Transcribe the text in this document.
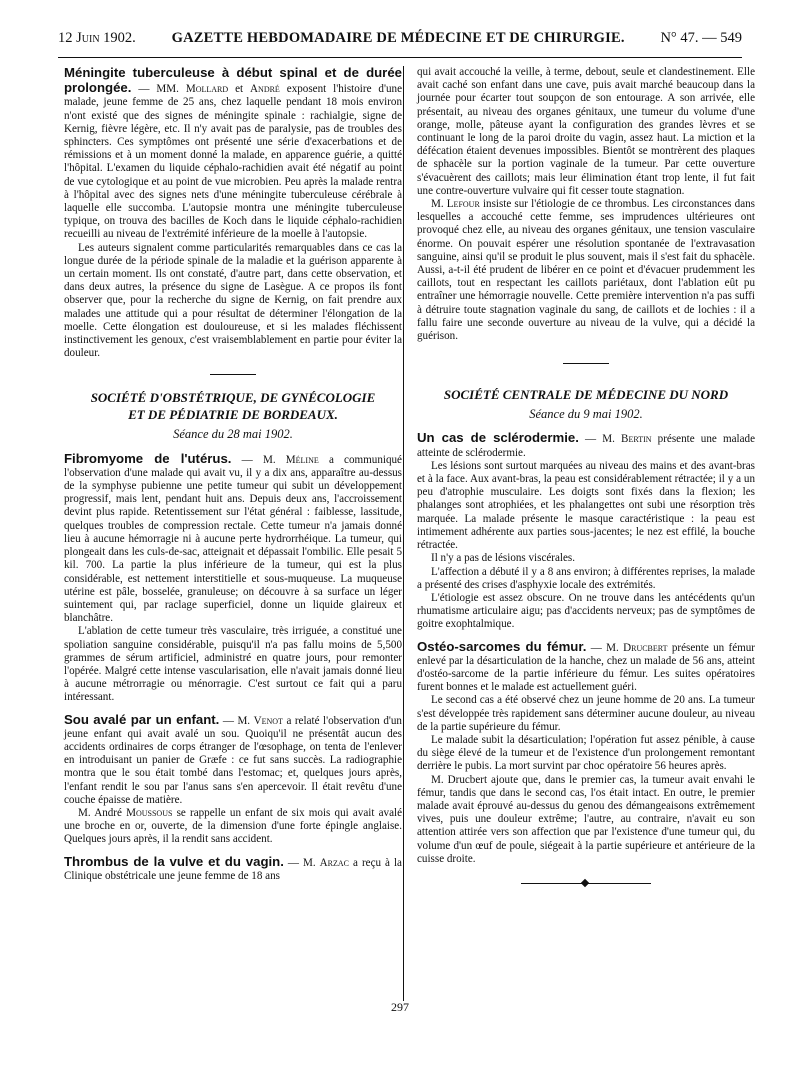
12 Juin 1902. GAZETTE HEBDOMADAIRE DE MÉDECINE ET DE CHIRURGIE. N° 47. — 549

Méningite tuberculeuse à début spinal et de durée prolongée. — MM. Mollard et André exposent l'histoire d'une malade, jeune femme de 25 ans, chez laquelle pendant 18 mois environ n'ont existé que des signes de méningite spinale : rachialgie, signe de Kernig, fièvre légère, etc. Il n'y avait pas de paralysie, pas de troubles des sphincters. Ces symptômes ont présenté une série d'exacerbations et de rémissions et à un moment donné la malade, en apparence guérie, a quitté l'hôpital. L'examen du liquide céphalo-rachidien avait été négatif au point de vue cytologique et au point de vue microbien. Peu après la malade rentra à l'hôpital avec des signes nets d'une méningite tuberculeuse cérébrale à laquelle elle succomba. L'autopsie montra une méningite tuberculeuse typique, on trouva des bacilles de Koch dans le liquide céphalo-rachidien recueilli au niveau de l'extrémité inférieure de la moelle à l'autopsie.

Les auteurs signalent comme particularités remarquables dans ce cas la longue durée de la période spinale de la maladie et la guérison apparente à un certain moment. Ils ont constaté, d'autre part, dans cette observation, et dans deux autres, la présence du signe de Lasègue. A ce propos ils font observer que, pour la recherche du signe de Kernig, on fait prendre aux malades une attitude qui a pour résultat de déterminer l'élongation de la moelle. Cette élongation est douloureuse, et si les malades fléchissent instinctivement les genoux, c'est vraisemblablement en partie pour éviter la douleur.

SOCIÉTÉ D'OBSTÉTRIQUE, DE GYNÉCOLOGIE

ET DE PÉDIATRIE DE BORDEAUX.

Séance du 28 mai 1902.

Fibromyome de l'utérus. — M. Méline a communiqué l'observation d'une malade qui avait vu, il y a dix ans, apparaître au-dessus de la symphyse pubienne une petite tumeur qui subit un développement progressif, mais lent, pendant huit ans. Depuis deux ans, l'accroissement devint plus rapide. Retentissement sur l'état général : faiblesse, lassitude, quelques troubles de compression rectale. Cette tumeur n'a jamais donné lieu à aucune hémorragie ni à aucune perte hydrorrhéique. La tumeur, qui plongeait dans les culs-de-sac, atteignait et dépassait l'ombilic. Elle pesait 5 kil. 700. La partie la plus inférieure de la tumeur, qui est la plus considérable, est nettement interstitielle et sous-muqueuse. La muqueuse utérine est pâle, bosselée, granuleuse; on découvre à sa surface un léger suintement qui, par raclage superficiel, donne un liquide glaireux et blanchâtre.

L'ablation de cette tumeur très vasculaire, très irriguée, a constitué une spoliation sanguine considérable, puisqu'il n'a pas fallu moins de 5,500 grammes de sérum artificiel, administré en quatre jours, pour remonter l'opérée. Malgré cette intense vascularisation, elle n'avait jamais donné lieu à aucune métrorragie ou ménorragie. C'est surtout ce fait qui a paru intéressant.

Sou avalé par un enfant. — M. Venot a relaté l'observation d'un jeune enfant qui avait avalé un sou. Quoiqu'il ne présentât aucun des accidents ordinaires de corps étranger de l'œsophage, on tenta de l'enlever en introduisant un panier de Græfe : ce fut sans succès. La radiographie montra que le sou était tombé dans l'estomac; et, quelques jours après, l'enfant rendit le sou par l'anus sans s'en apercevoir. Il était revêtu d'une couche épaisse de matière.

M. André Moussous se rappelle un enfant de six mois qui avait avalé une broche en or, ouverte, de la dimension d'une forte épingle anglaise. Quelques jours après, il la rendit sans accident.

Thrombus de la vulve et du vagin. — M. Arzac a reçu à la Clinique obstétricale une jeune femme de 18 ans

qui avait accouché la veille, à terme, debout, seule et clandestinement. Elle avait caché son enfant dans une cave, puis avait marché beaucoup dans la journée pour écarter tout soupçon de son entourage. A son arrivée, elle présentait, au niveau des organes génitaux, une tumeur du volume d'une orange, molle, pâteuse ayant la configuration des grandes lèvres et se continuant le long de la paroi droite du vagin, assez haut. La miction et la défécation étaient devenues impossibles. Bientôt se montrèrent des plaques de sphacèle sur la portion vaginale de la tumeur. Par cette ouverture s'évacuèrent des caillots; mais leur élimination étant trop lente, il fut fait une contre-ouverture vulvaire qui fit cesser toute stagnation.

M. Lefour insiste sur l'étiologie de ce thrombus. Les circonstances dans lesquelles a accouché cette femme, ses imprudences ultérieures ont provoqué chez elle, au niveau des organes génitaux, une tension vasculaire énorme. On pouvait espérer une résolution spontanée de l'extravasation sanguine, ainsi qu'il se produit le plus souvent, mais il s'est fait du sphacèle. Aussi, a-t-il été prudent de libérer en ce point et d'évacuer prudemment les caillots, tout en respectant les caillots pariétaux, dont l'ablation eût pu entraîner une hémorragie nouvelle. Cette première intervention n'a pas suffi à détruire toute stagnation vaginale du sang, de caillots et de lochies : il a fallu faire une seconde ouverture au niveau de la vulve, qui a décidé la guérison.

SOCIÉTÉ CENTRALE DE MÉDECINE DU NORD

Séance du 9 mai 1902.

Un cas de sclérodermie. — M. Bertin présente une malade atteinte de sclérodermie.

Les lésions sont surtout marquées au niveau des mains et des avant-bras et à la face. Aux avant-bras, la peau est considérablement rétractée; il y a un peu d'atrophie musculaire. Les doigts sont fixés dans la flexion; les phalanges sont atrophiées, et les phalangettes ont subi une résorption très marquée. La malade présente le masque caractéristique : la peau est intimement adhérente aux parties sous-jacentes; le nez est effilé, la bouche rétractée.

Il n'y a pas de lésions viscérales.

L'affection a débuté il y a 8 ans environ; à différentes reprises, la malade a présenté des crises d'asphyxie locale des extrémités.

L'étiologie est assez obscure. On ne trouve dans les antécédents qu'un rhumatisme articulaire aigu; pas d'accidents nerveux; pas de symptômes de goitre exophtalmique.

Ostéo-sarcomes du fémur. — M. Drucbert présente un fémur enlevé par la désarticulation de la hanche, chez un malade de 56 ans, atteint d'ostéo-sarcome de la partie inférieure du fémur. Les suites opératoires furent bonnes et le malade est actuellement guéri.

Le second cas a été observé chez un jeune homme de 20 ans. La tumeur s'est développée très rapidement sans déterminer aucune douleur, au niveau de la partie supérieure du fémur.

Le malade subit la désarticulation; l'opération fut assez pénible, à cause du siège élevé de la tumeur et de l'existence d'un prolongement remontant derrière le pubis. La mort survint par choc opératoire 56 heures après.

M. Drucbert ajoute que, dans le premier cas, la tumeur avait envahi le fémur, tandis que dans le second cas, l'os était intact. En outre, le premier malade avait éprouvé au-dessus du genou des démangeaisons extrêmement vives, puis une douleur extrême; l'autre, au contraire, n'avait eu son attention attirée vers son affection que par l'existence d'une tumeur qui, du volume d'un œuf de poule, siégeait à la partie supérieure et antérieure de la cuisse droite.

297
